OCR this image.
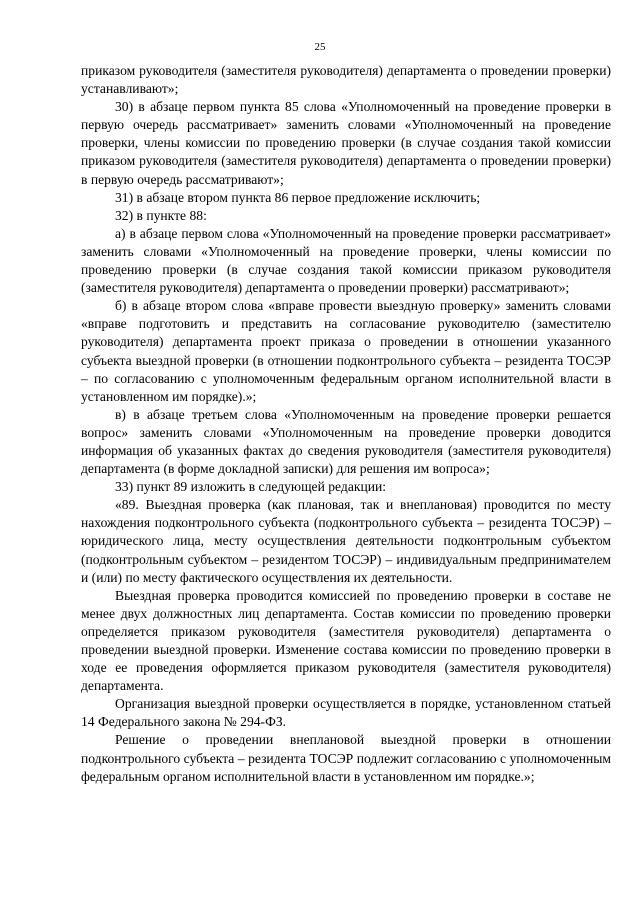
25

приказом руководителя (заместителя руководителя) департамента о проведении проверки) устанавливают»;

30) в абзаце первом пункта 85 слова «Уполномоченный на проведение проверки в первую очередь рассматривает» заменить словами «Уполномоченный на проведение проверки, члены комиссии по проведению проверки (в случае создания такой комиссии приказом руководителя (заместителя руководителя) департамента о проведении проверки) в первую очередь рассматривают»;

31) в абзаце втором пункта 86 первое предложение исключить;

32) в пункте 88:

а) в абзаце первом слова «Уполномоченный на проведение проверки рассматривает» заменить словами «Уполномоченный на проведение проверки, члены комиссии по проведению проверки (в случае создания такой комиссии приказом руководителя (заместителя руководителя) департамента о проведении проверки) рассматривают»;

б) в абзаце втором слова «вправе провести выездную проверку» заменить словами «вправе подготовить и представить на согласование руководителю (заместителю руководителя) департамента проект приказа о проведении в отношении указанного субъекта выездной проверки (в отношении подконтрольного субъекта – резидента ТОСЭР – по согласованию с уполномоченным федеральным органом исполнительной власти в установленном им порядке).»;

в) в абзаце третьем слова «Уполномоченным на проведение проверки решается вопрос» заменить словами «Уполномоченным на проведение проверки доводится информация об указанных фактах до сведения руководителя (заместителя руководителя) департамента (в форме докладной записки) для решения им вопроса»;

33) пункт 89 изложить в следующей редакции:

«89. Выездная проверка (как плановая, так и внеплановая) проводится по месту нахождения подконтрольного субъекта (подконтрольного субъекта – резидента ТОСЭР) – юридического лица, месту осуществления деятельности подконтрольным субъектом (подконтрольным субъектом – резидентом ТОСЭР) – индивидуальным предпринимателем и (или) по месту фактического осуществления их деятельности.

Выездная проверка проводится комиссией по проведению проверки в составе не менее двух должностных лиц департамента. Состав комиссии по проведению проверки определяется приказом руководителя (заместителя руководителя) департамента о проведении выездной проверки. Изменение состава комиссии по проведению проверки в ходе ее проведения оформляется приказом руководителя (заместителя руководителя) департамента.

Организация выездной проверки осуществляется в порядке, установленном статьей 14 Федерального закона № 294-ФЗ.

Решение о проведении внеплановой выездной проверки в отношении подконтрольного субъекта – резидента ТОСЭР подлежит согласованию с уполномоченным федеральным органом исполнительной власти в установленном им порядке.»;
